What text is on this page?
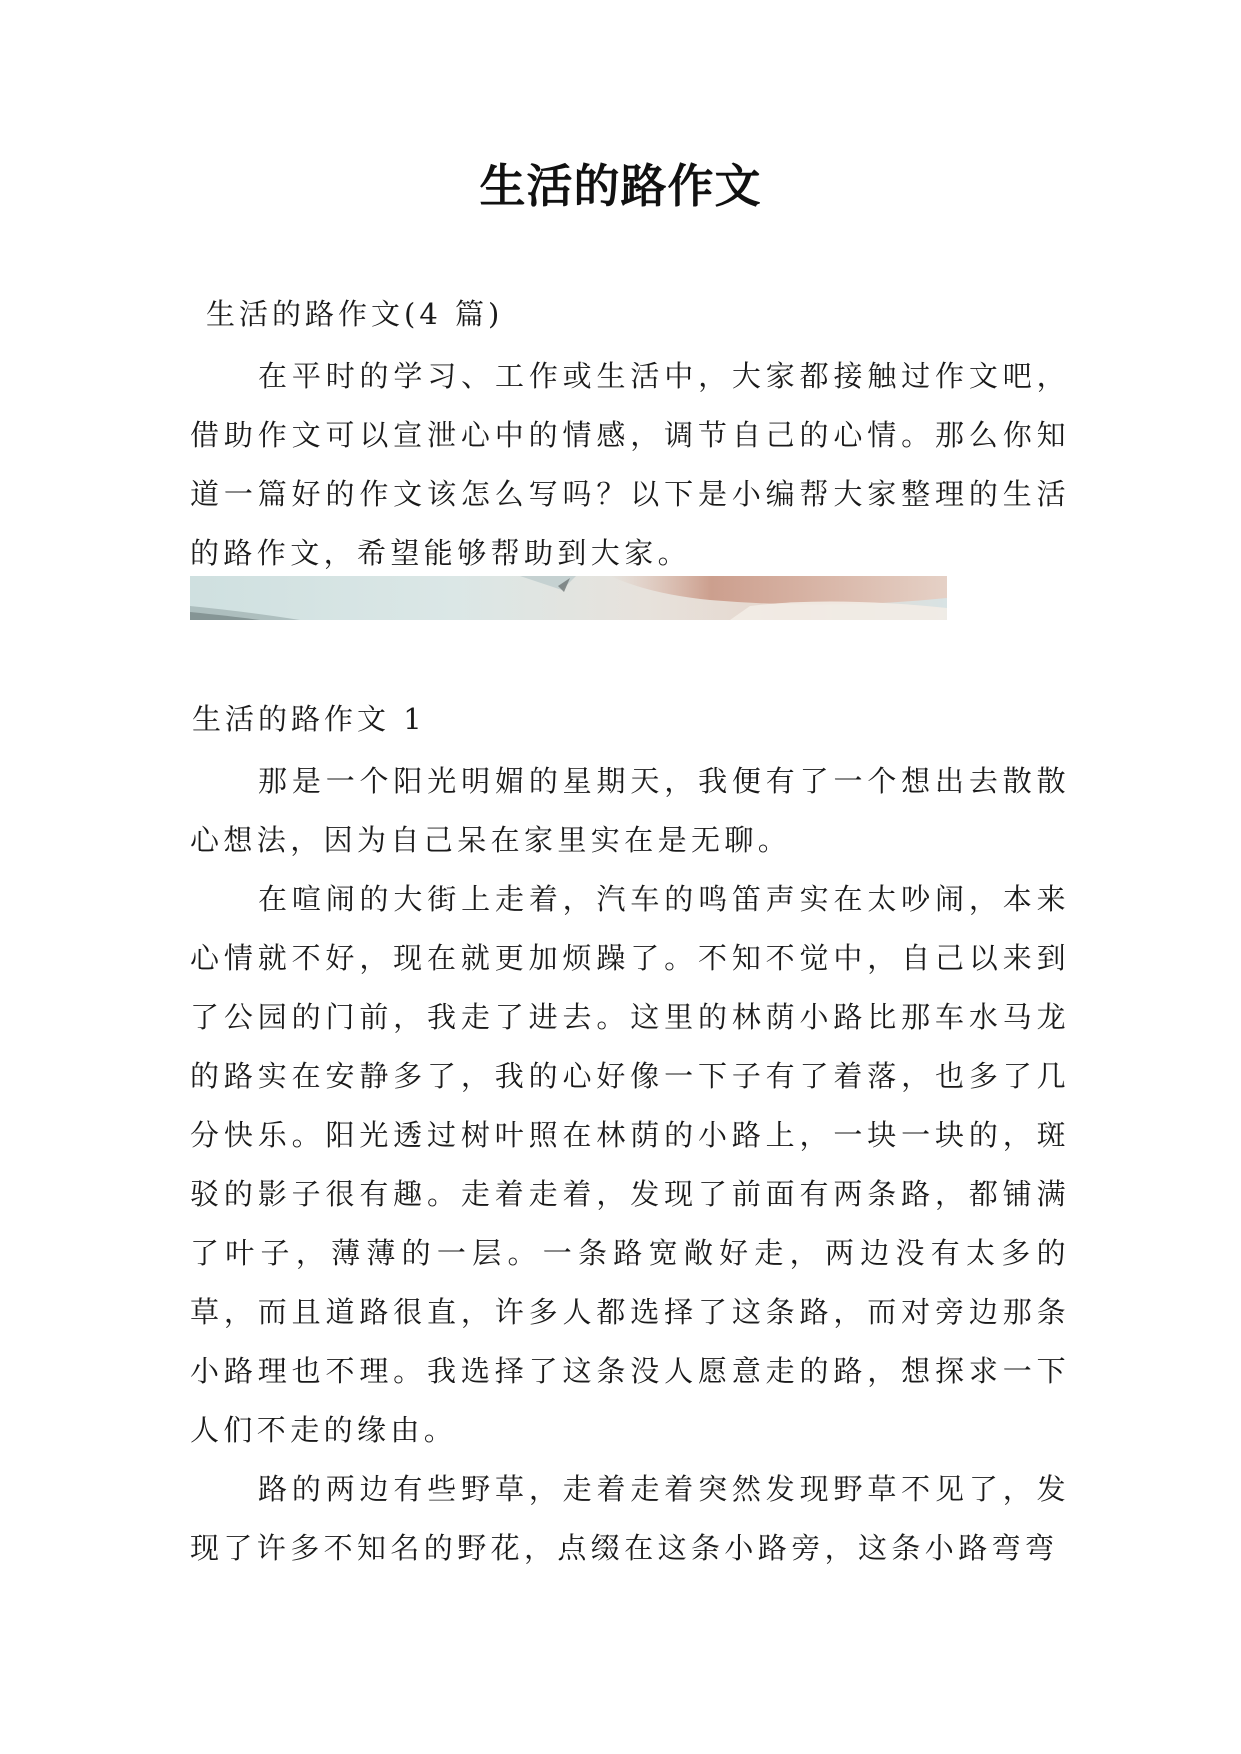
生活的路作文

生活的路作文(4 篇)

在平时的学习、工作或生活中，大家都接触过作文吧，借助作文可以宣泄心中的情感，调节自己的心情。那么你知道一篇好的作文该怎么写吗？以下是小编帮大家整理的生活的路作文，希望能够帮助到大家。

生活的路作文 1

那是一个阳光明媚的星期天，我便有了一个想出去散散心想法，因为自己呆在家里实在是无聊。

在喧闹的大街上走着，汽车的鸣笛声实在太吵闹，本来心情就不好，现在就更加烦躁了。不知不觉中，自己以来到了公园的门前，我走了进去。这里的林荫小路比那车水马龙的路实在安静多了，我的心好像一下子有了着落，也多了几分快乐。阳光透过树叶照在林荫的小路上，一块一块的，斑驳的影子很有趣。走着走着，发现了前面有两条路，都铺满了叶子，薄薄的一层。一条路宽敞好走，两边没有太多的草，而且道路很直，许多人都选择了这条路，而对旁边那条小路理也不理。我选择了这条没人愿意走的路，想探求一下人们不走的缘由。

路的两边有些野草，走着走着突然发现野草不见了，发现了许多不知名的野花，点缀在这条小路旁，这条小路弯弯
